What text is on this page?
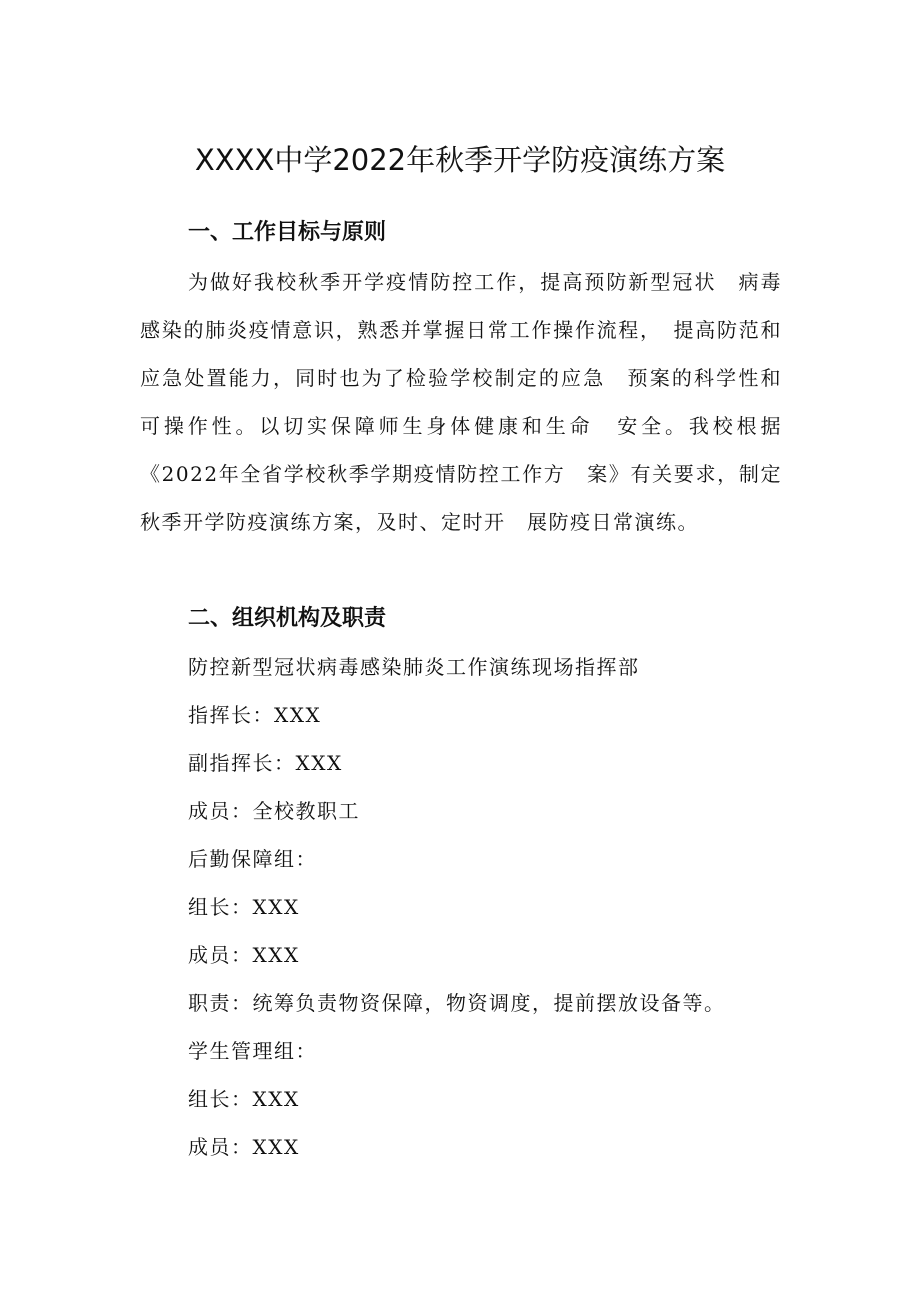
XXXX中学2022年秋季开学防疫演练方案
一、工作目标与原则

为做好我校秋季开学疫情防控工作，提高预防新型冠状　病毒感染的肺炎疫情意识，熟悉并掌握日常工作操作流程，　提高防范和应急处置能力，同时也为了检验学校制定的应急　预案的科学性和可操作性。以切实保障师生身体健康和生命　安全。我校根据《2022年全省学校秋季学期疫情防控工作方　案》有关要求，制定秋季开学防疫演练方案，及时、定时开　展防疫日常演练。

二、组织机构及职责

防控新型冠状病毒感染肺炎工作演练现场指挥部

指挥长：XXX

副指挥长：XXX

成员：全校教职工

后勤保障组：

组长：XXX

成员：XXX

职责：统筹负责物资保障，物资调度，提前摆放设备等。

学生管理组：

组长：XXX

成员：XXX
